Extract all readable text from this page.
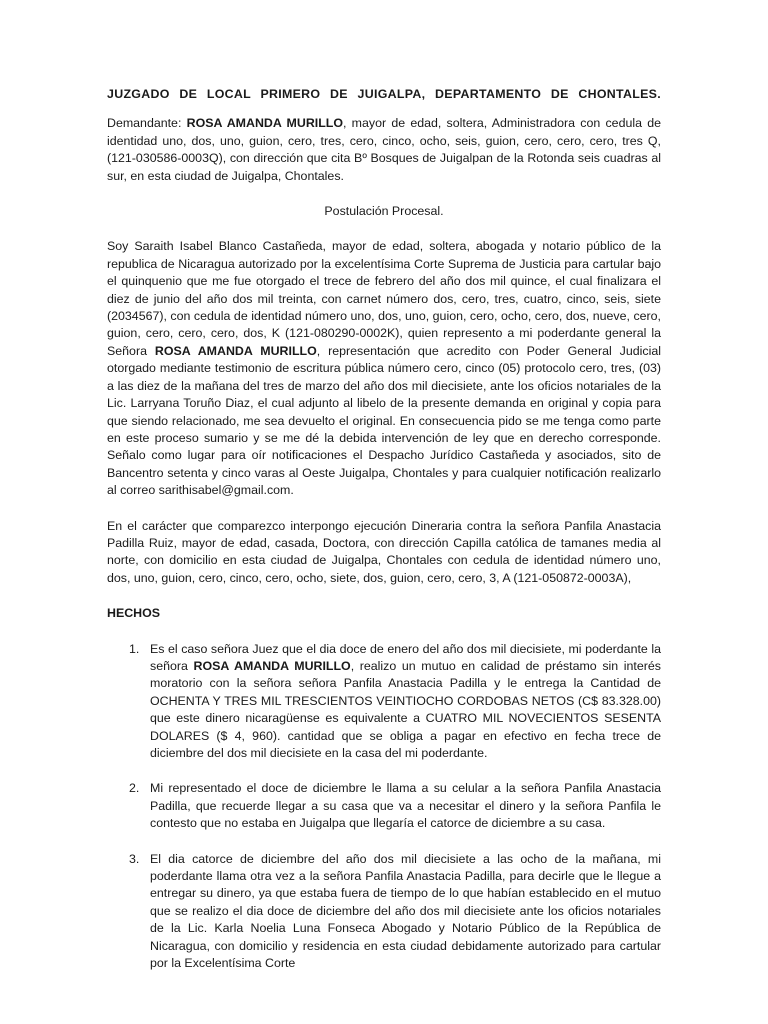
JUZGADO DE LOCAL PRIMERO DE JUIGALPA, DEPARTAMENTO DE CHONTALES.

Demandante: ROSA AMANDA MURILLO, mayor de edad, soltera, Administradora con cedula de identidad uno, dos, uno, guion, cero, tres, cero, cinco, ocho, seis, guion, cero, cero, cero, tres Q, (121-030586-0003Q), con dirección que cita Bº Bosques de Juigalpan de la Rotonda seis cuadras al sur, en esta ciudad de Juigalpa, Chontales.

Postulación Procesal.

Soy Saraith Isabel Blanco Castañeda, mayor de edad, soltera, abogada y notario público de la republica de Nicaragua autorizado por la excelentísima Corte Suprema de Justicia para cartular bajo el quinquenio que me fue otorgado el trece de febrero del año dos mil quince, el cual finalizara el diez de junio del año dos mil treinta, con carnet número dos, cero, tres, cuatro, cinco, seis, siete (2034567), con cedula de identidad número uno, dos, uno, guion, cero, ocho, cero, dos, nueve, cero, guion, cero, cero, cero, dos, K (121-080290-0002K), quien represento a mi poderdante general la Señora ROSA AMANDA MURILLO, representación que acredito con Poder General Judicial otorgado mediante testimonio de escritura pública número cero, cinco (05) protocolo cero, tres, (03) a las diez de la mañana del tres de marzo del año dos mil diecisiete, ante los oficios notariales de la Lic. Larryana Toruño Diaz, el cual adjunto al libelo de la presente demanda en original y copia para que siendo relacionado, me sea devuelto el original. En consecuencia pido se me tenga como parte en este proceso sumario y se me dé la debida intervención de ley que en derecho corresponde. Señalo como lugar para oír notificaciones el Despacho Jurídico Castañeda y asociados, sito de Bancentro setenta y cinco varas al Oeste Juigalpa, Chontales y para cualquier notificación realizarlo al correo sarithisabel@gmail.com.

En el carácter que comparezco interpongo ejecución Dineraria contra la señora Panfila Anastacia Padilla Ruiz, mayor de edad, casada, Doctora, con dirección Capilla católica de tamanes media al norte, con domicilio en esta ciudad de Juigalpa, Chontales con cedula de identidad número uno, dos, uno, guion, cero, cinco, cero, ocho, siete, dos, guion, cero, cero, 3, A (121-050872-0003A),

HECHOS
1. Es el caso señora Juez que el dia doce de enero del año dos mil diecisiete, mi poderdante la señora ROSA AMANDA MURILLO, realizo un mutuo en calidad de préstamo sin interés moratorio con la señora señora Panfila Anastacia Padilla y le entrega la Cantidad de OCHENTA Y TRES MIL TRESCIENTOS VEINTIOCHO CORDOBAS NETOS (C$ 83.328.00) que este dinero nicaragüense es equivalente a CUATRO MIL NOVECIENTOS SESENTA DOLARES ($ 4, 960). cantidad que se obliga a pagar en efectivo en fecha trece de diciembre del dos mil diecisiete en la casa del mi poderdante.

2. Mi representado el doce de diciembre le llama a su celular a la señora Panfila Anastacia Padilla, que recuerde llegar a su casa que va a necesitar el dinero y la señora Panfila le contesto que no estaba en Juigalpa que llegaría el catorce de diciembre a su casa.

3. El dia catorce de diciembre del año dos mil diecisiete a las ocho de la mañana, mi poderdante llama otra vez a la señora Panfila Anastacia Padilla, para decirle que le llegue a entregar su dinero, ya que estaba fuera de tiempo de lo que habían establecido en el mutuo que se realizo el dia doce de diciembre del año dos mil diecisiete ante los oficios notariales de la Lic. Karla Noelia Luna Fonseca Abogado y Notario Público de la República de Nicaragua, con domicilio y residencia en esta ciudad debidamente autorizado para cartular por la Excelentísima Corte
